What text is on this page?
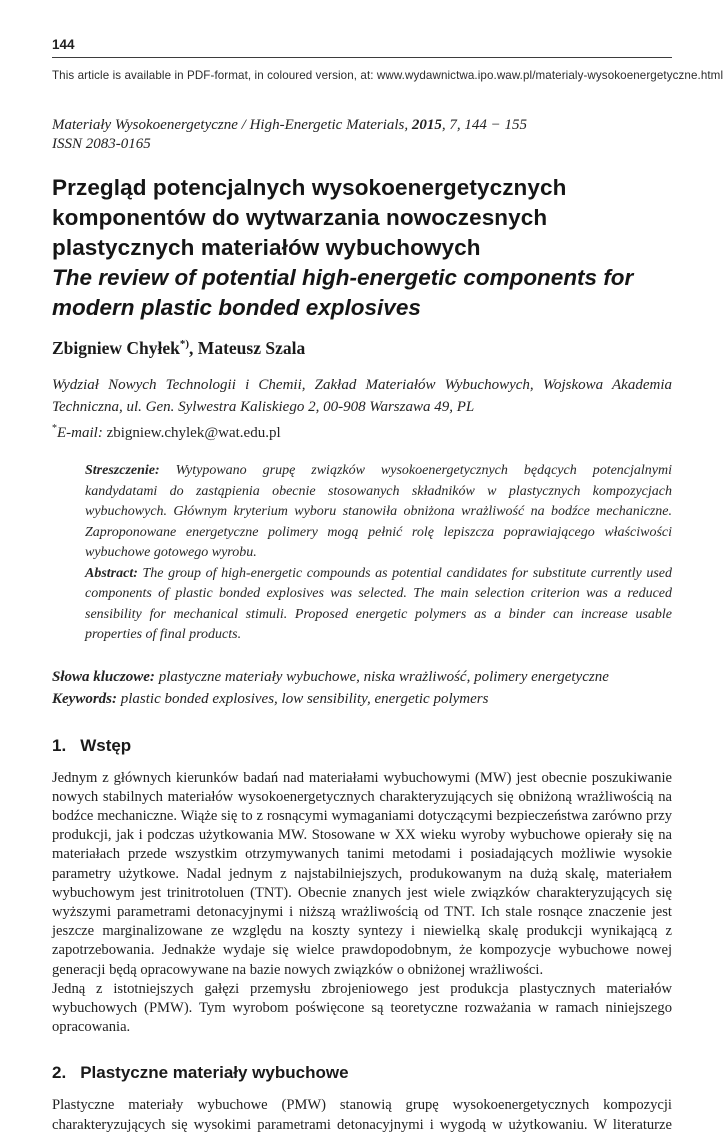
144
This article is available in PDF-format, in coloured version, at: www.wydawnictwa.ipo.waw.pl/materialy-wysokoenergetyczne.html
Materiały Wysokoenergetyczne / High-Energetic Materials, 2015, 7, 144 − 155
ISSN 2083-0165
Przegląd potencjalnych wysokoenergetycznych komponentów do wytwarzania nowoczesnych plastycznych materiałów wybuchowych
The review of potential high-energetic components for modern plastic bonded explosives
Zbigniew Chyłek*), Mateusz Szala
Wydział Nowych Technologii i Chemii, Zakład Materiałów Wybuchowych, Wojskowa Akademia Techniczna, ul. Gen. Sylwestra Kaliskiego 2, 00-908 Warszawa 49, PL
*E-mail: zbigniew.chylek@wat.edu.pl
Streszczenie: Wytypowano grupę związków wysokoenergetycznych będących potencjalnymi kandydatami do zastąpienia obecnie stosowanych składników w plastycznych kompozycjach wybuchowych. Głównym kryterium wyboru stanowiła obniżona wrażliwość na bodźce mechaniczne. Zaproponowane energetyczne polimery mogą pełnić rolę lepiszcza poprawiającego właściwości wybuchowe gotowego wyrobu.
Abstract: The group of high-energetic compounds as potential candidates for substitute currently used components of plastic bonded explosives was selected. The main selection criterion was a reduced sensibility for mechanical stimuli. Proposed energetic polymers as a binder can increase usable properties of final products.
Słowa kluczowe: plastyczne materiały wybuchowe, niska wrażliwość, polimery energetyczne
Keywords: plastic bonded explosives, low sensibility, energetic polymers
1. Wstęp
Jednym z głównych kierunków badań nad materiałami wybuchowymi (MW) jest obecnie poszukiwanie nowych stabilnych materiałów wysokoenergetycznych charakteryzujących się obniżoną wrażliwością na bodźce mechaniczne. Wiąże się to z rosnącymi wymaganiami dotyczącymi bezpieczeństwa zarówno przy produkcji, jak i podczas użytkowania MW. Stosowane w XX wieku wyroby wybuchowe opierały się na materiałach przede wszystkim otrzymywanych tanimi metodami i posiadających możliwie wysokie parametry użytkowe. Nadal jednym z najstabilniejszych, produkowanym na dużą skalę, materiałem wybuchowym jest trinitrotoluen (TNT). Obecnie znanych jest wiele związków charakteryzujących się wyższymi parametrami detonacyjnymi i niższą wrażliwością od TNT. Ich stale rosnące znaczenie jest jeszcze marginalizowane ze względu na koszty syntezy i niewielką skalę produkcji wynikającą z zapotrzebowania. Jednakże wydaje się wielce prawdopodobnym, że kompozycje wybuchowe nowej generacji będą opracowywane na bazie nowych związków o obniżonej wrażliwości.
Jedną z istotniejszych gałęzi przemysłu zbrojeniowego jest produkcja plastycznych materiałów wybuchowych (PMW). Tym wyrobom poświęcone są teoretyczne rozważania w ramach niniejszego opracowania.
2. Plastyczne materiały wybuchowe
Plastyczne materiały wybuchowe (PMW) stanowią grupę wysokoenergetycznych kompozycji charakteryzujących się wysokimi parametrami detonacyjnymi i wygodą w użytkowaniu. W literaturze
